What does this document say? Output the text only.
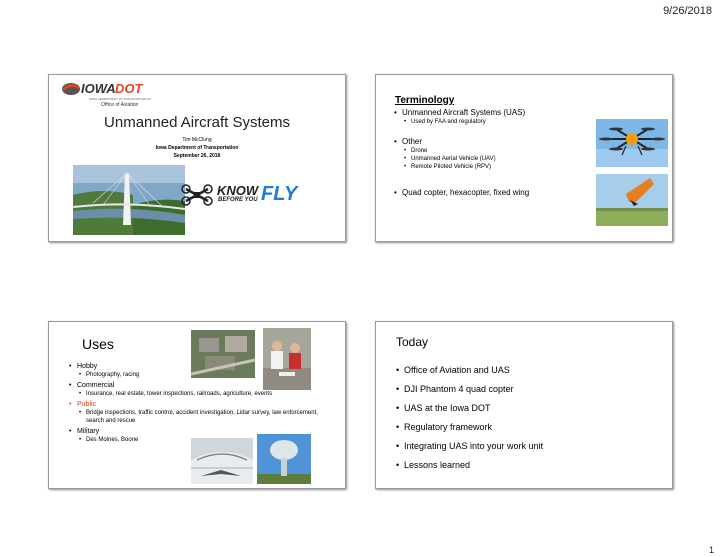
9/26/2018
IOWA DOT
IOWA DEPARTMENT OF TRANSPORTATION
Office of Aviation
Unmanned Aircraft Systems
Tim McClung
Iowa Department of Transportation
September 26, 2018
KNOW
BEFORE YOU FLY
Terminology
• Unmanned Aircraft Systems (UAS)
• Used by FAA and regulatory
• Other
• Drone
• Unmanned Aerial Vehicle (UAV)
• Remote Piloted Vehicle (RPV)
• Quad copter, hexacopter, fixed wing
Uses
• Hobby
• Photography, racing
• Commercial
• Insurance, real estate, tower inspections, railroads, agriculture, events
• Public
• Bridge inspections, traffic control, accident investigation, Lidar survey, law enforcement, search and rescue
• Military
• Des Moines, Boone
Today
• Office of Aviation and UAS
• DJI Phantom 4 quad copter
• UAS at the Iowa DOT
• Regulatory framework
• Integrating UAS into your work unit
• Lessons learned
1
